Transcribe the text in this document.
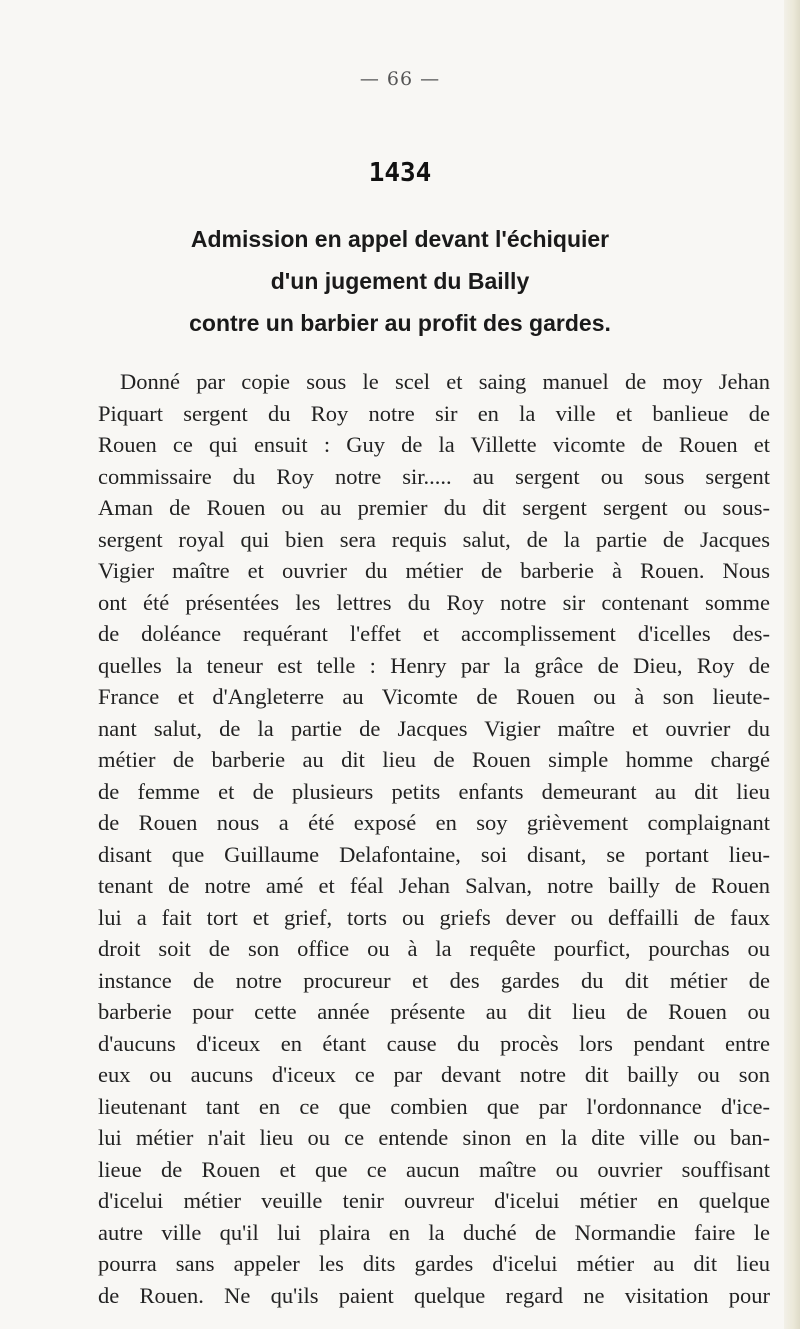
— 66 —
1434
Admission en appel devant l'échiquier
d'un jugement du Bailly
contre un barbier au profit des gardes.
Donné par copie sous le scel et saing manuel de moy Jehan
Piquart sergent du Roy notre sir en la ville et banlieue de
Rouen ce qui ensuit : Guy de la Villette vicomte de Rouen et
commissaire du Roy notre sir..... au sergent ou sous sergent
Aman de Rouen ou au premier du dit sergent sergent ou sous-
sergent royal qui bien sera requis salut, de la partie de Jacques
Vigier maître et ouvrier du métier de barberie à Rouen. Nous
ont été présentées les lettres du Roy notre sir contenant somme
de doléance requérant l'effet et accomplissement d'icelles des-
quelles la teneur est telle : Henry par la grâce de Dieu, Roy de
France et d'Angleterre au Vicomte de Rouen ou à son lieute-
nant salut, de la partie de Jacques Vigier maître et ouvrier du
métier de barberie au dit lieu de Rouen simple homme chargé
de femme et de plusieurs petits enfants demeurant au dit lieu
de Rouen nous a été exposé en soy grièvement complaignant
disant que Guillaume Delafontaine, soi disant, se portant lieu-
tenant de notre amé et féal Jehan Salvan, notre bailly de Rouen
lui a fait tort et grief, torts ou griefs dever ou deffailli de faux
droit soit de son office ou à la requête pourfict, pourchas ou
instance de notre procureur et des gardes du dit métier de
barberie pour cette année présente au dit lieu de Rouen ou
d'aucuns d'iceux en étant cause du procès lors pendant entre
eux ou aucuns d'iceux ce par devant notre dit bailly ou son
lieutenant tant en ce que combien que par l'ordonnance d'ice-
lui métier n'ait lieu ou ce entende sinon en la dite ville ou ban-
lieue de Rouen et que ce aucun maître ou ouvrier souffisant
d'icelui métier veuille tenir ouvreur d'icelui métier en quelque
autre ville qu'il lui plaira en la duché de Normandie faire le
pourra sans appeler les dits gardes d'icelui métier au dit lieu
de Rouen. Ne qu'ils paient quelque regard ne visitation pour
